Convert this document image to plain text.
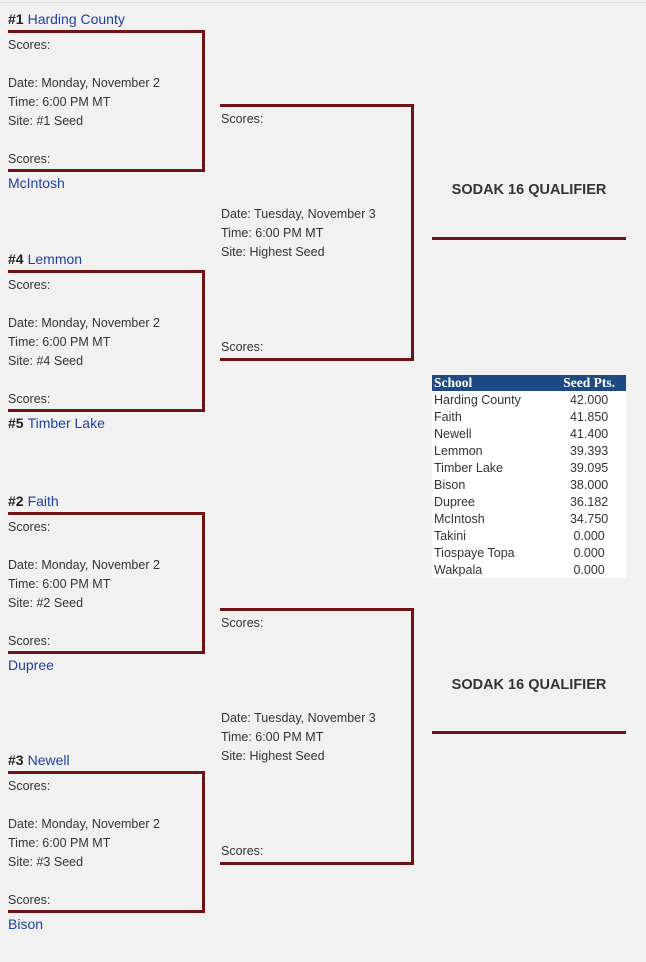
#1 Harding County
Scores:
Date: Monday, November 2
Time: 6:00 PM MT
Site: #1 Seed
Scores:
McIntosh
#4 Lemmon
Scores:
Date: Monday, November 2
Time: 6:00 PM MT
Site: #4 Seed
Scores:
#5 Timber Lake
#2 Faith
Scores:
Date: Monday, November 2
Time: 6:00 PM MT
Site: #2 Seed
Scores:
Dupree
#3 Newell
Scores:
Date: Monday, November 2
Time: 6:00 PM MT
Site: #3 Seed
Scores:
Bison
Scores:
Date: Tuesday, November 3
Time: 6:00 PM MT
Site: Highest Seed
Scores:
Scores:
Date: Tuesday, November 3
Time: 6:00 PM MT
Site: Highest Seed
Scores:
SODAK 16 QUALIFIER
SODAK 16 QUALIFIER
School	Seed Pts.
Harding County	42.000
Faith	41.850
Newell	41.400
Lemmon	39.393
Timber Lake	39.095
Bison	38.000
Dupree	36.182
McIntosh	34.750
Takini	0.000
Tiospaye Topa	0.000
Wakpala	0.000
